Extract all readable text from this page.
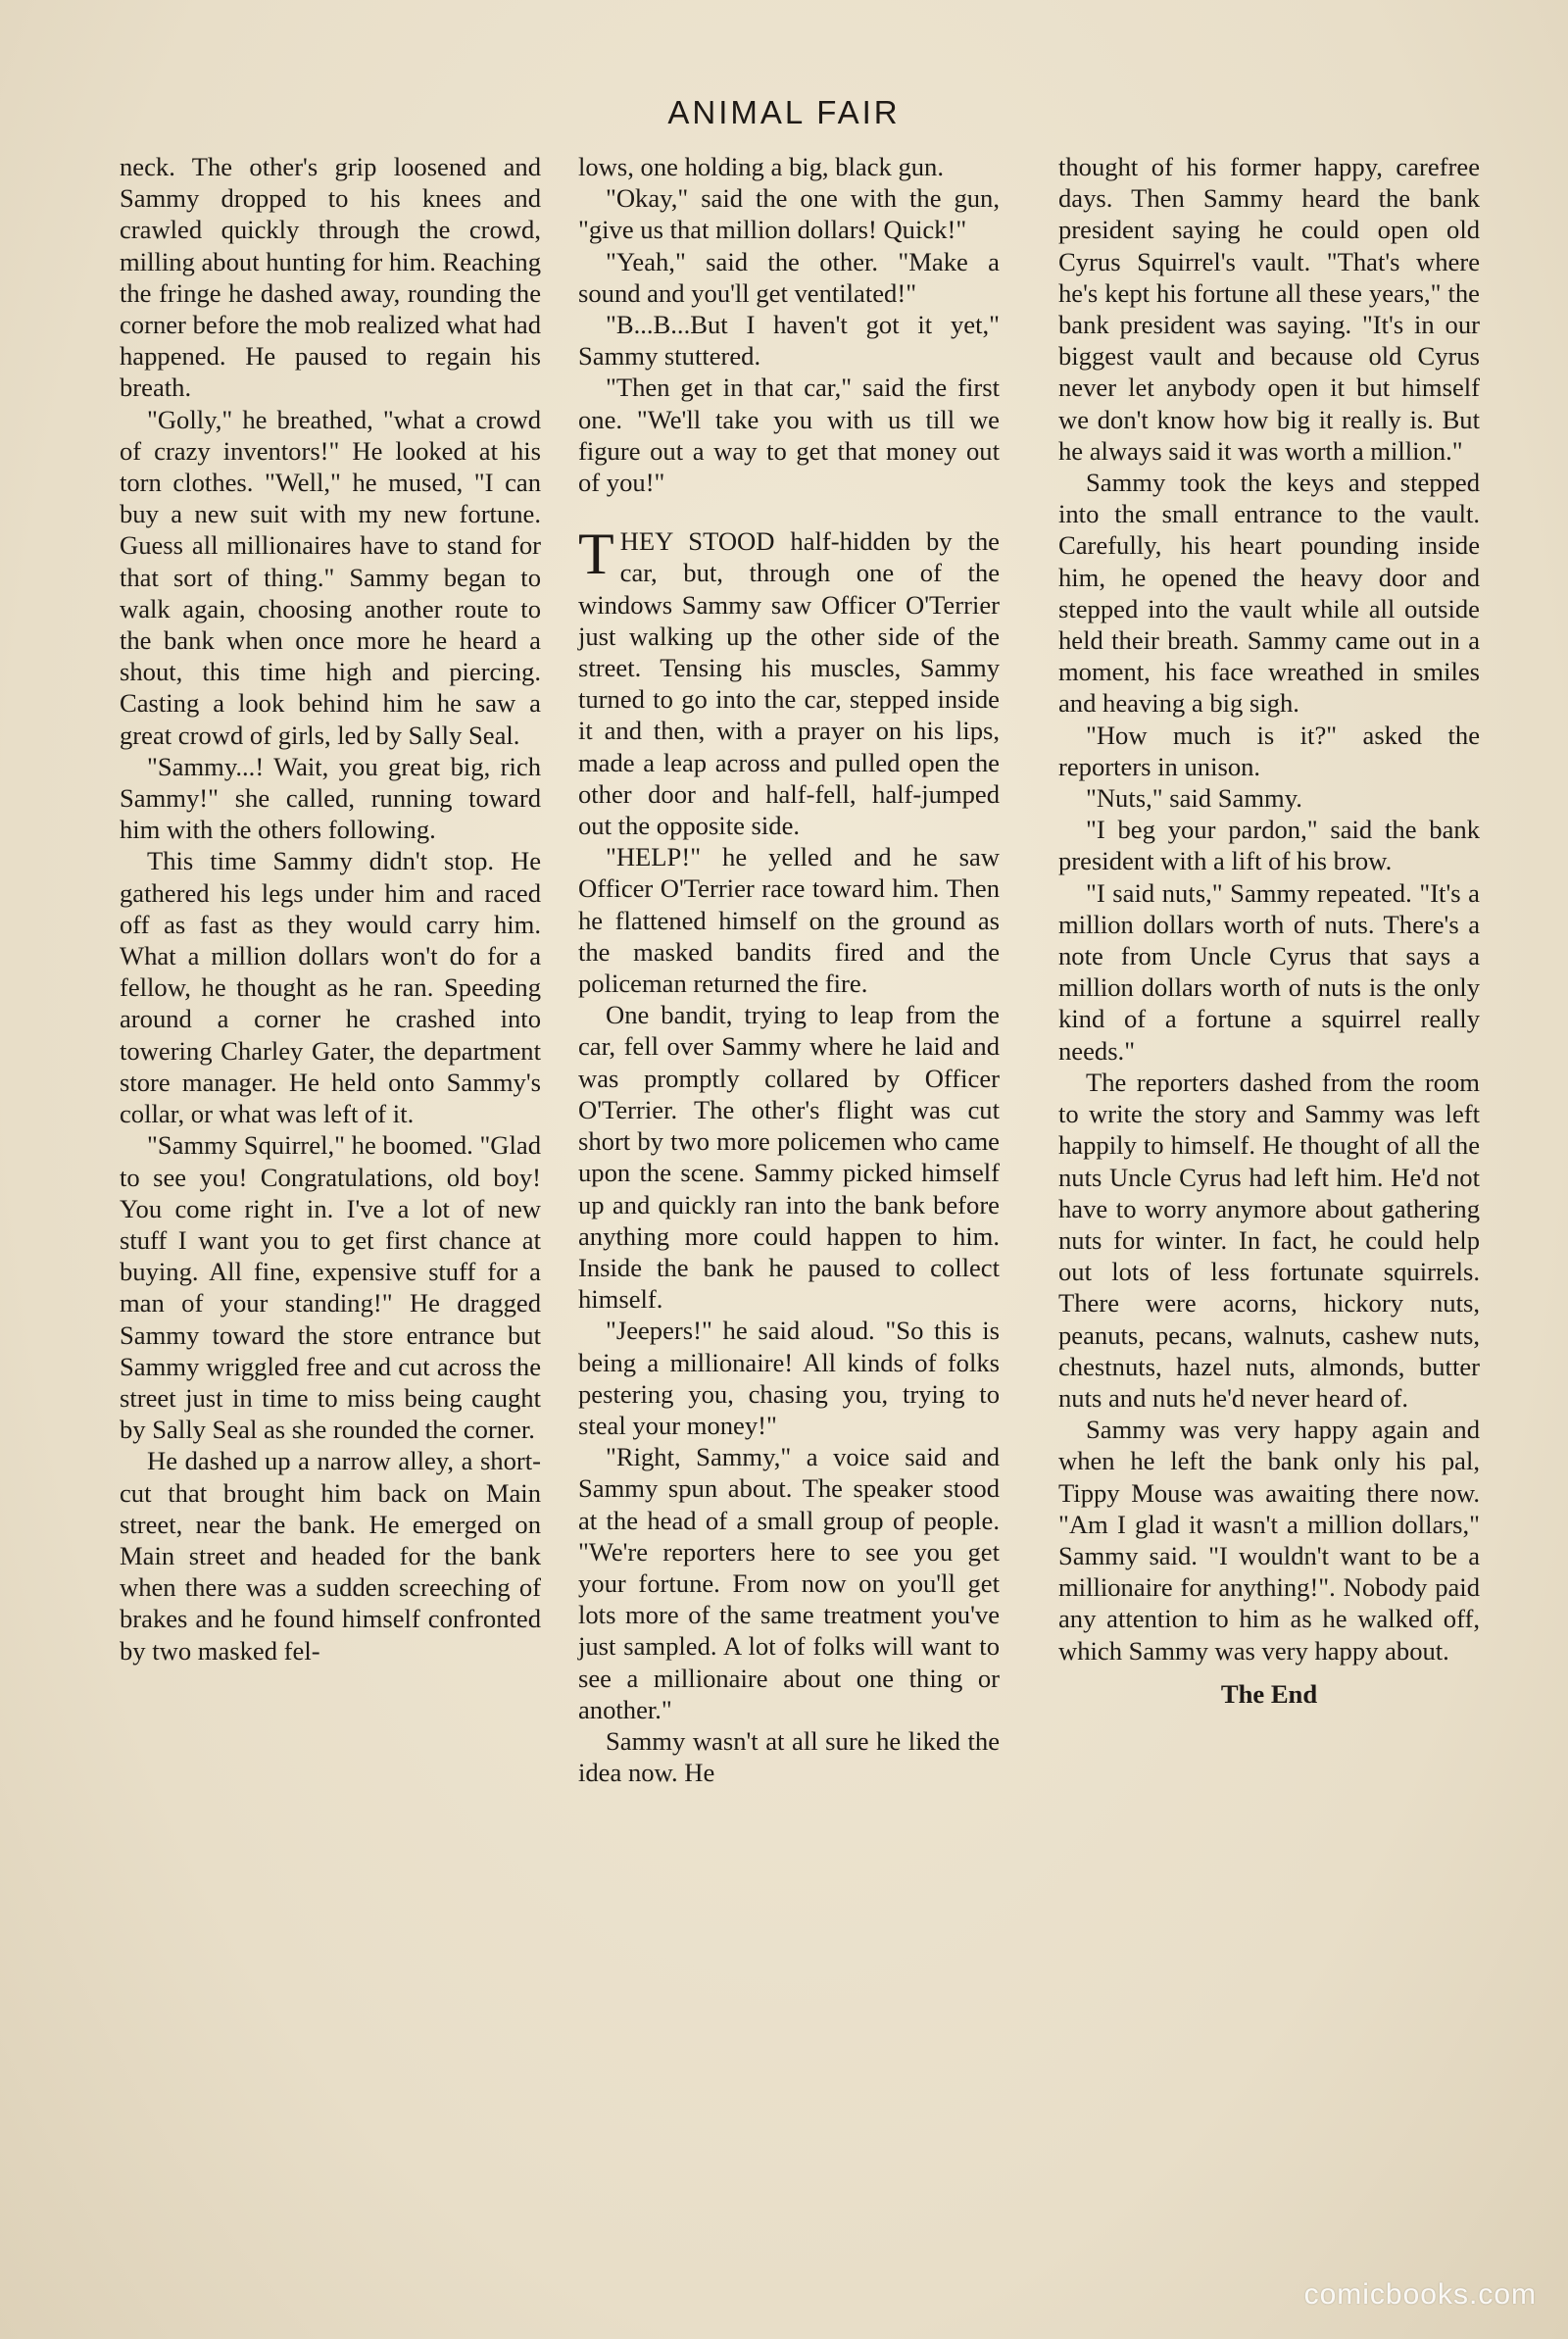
ANIMAL FAIR

neck. The other's grip loosened and Sammy dropped to his knees and crawled quickly through the crowd, milling about hunting for him. Reaching the fringe he dashed away, rounding the corner before the mob realized what had happened. He paused to regain his breath.

"Golly," he breathed, "what a crowd of crazy inventors!" He looked at his torn clothes. "Well," he mused, "I can buy a new suit with my new fortune. Guess all millionaires have to stand for that sort of thing." Sammy began to walk again, choosing another route to the bank when once more he heard a shout, this time high and piercing. Casting a look behind him he saw a great crowd of girls, led by Sally Seal.

"Sammy...! Wait, you great big, rich Sammy!" she called, running toward him with the others following.

This time Sammy didn't stop. He gathered his legs under him and raced off as fast as they would carry him. What a million dollars won't do for a fellow, he thought as he ran. Speeding around a corner he crashed into towering Charley Gater, the department store manager. He held onto Sammy's collar, or what was left of it.

"Sammy Squirrel," he boomed. "Glad to see you! Congratulations, old boy! You come right in. I've a lot of new stuff I want you to get first chance at buying. All fine, expensive stuff for a man of your standing!" He dragged Sammy toward the store entrance but Sammy wriggled free and cut across the street just in time to miss being caught by Sally Seal as she rounded the corner.

He dashed up a narrow alley, a short-cut that brought him back on Main street, near the bank. He emerged on Main street and headed for the bank when there was a sudden screeching of brakes and he found himself confronted by two masked fel-

lows, one holding a big, black gun.

"Okay," said the one with the gun, "give us that million dollars! Quick!"

"Yeah," said the other. "Make a sound and you'll get ventilated!"

"B...B...But I haven't got it yet," Sammy stuttered.

"Then get in that car," said the first one. "We'll take you with us till we figure out a way to get that money out of you!"

THEY STOOD half-hidden by the car, but, through one of the windows Sammy saw Officer O'Terrier just walking up the other side of the street. Tensing his muscles, Sammy turned to go into the car, stepped inside it and then, with a prayer on his lips, made a leap across and pulled open the other door and half-fell, half-jumped out the opposite side.

"HELP!" he yelled and he saw Officer O'Terrier race toward him. Then he flattened himself on the ground as the masked bandits fired and the policeman returned the fire.

One bandit, trying to leap from the car, fell over Sammy where he laid and was promptly collared by Officer O'Terrier. The other's flight was cut short by two more policemen who came upon the scene. Sammy picked himself up and quickly ran into the bank before anything more could happen to him. Inside the bank he paused to collect himself.

"Jeepers!" he said aloud. "So this is being a millionaire! All kinds of folks pestering you, chasing you, trying to steal your money!"

"Right, Sammy," a voice said and Sammy spun about. The speaker stood at the head of a small group of people. "We're reporters here to see you get your fortune. From now on you'll get lots more of the same treatment you've just sampled. A lot of folks will want to see a millionaire about one thing or another."

Sammy wasn't at all sure he liked the idea now. He

thought of his former happy, carefree days. Then Sammy heard the bank president saying he could open old Cyrus Squirrel's vault. "That's where he's kept his fortune all these years," the bank president was saying. "It's in our biggest vault and because old Cyrus never let anybody open it but himself we don't know how big it really is. But he always said it was worth a million."

Sammy took the keys and stepped into the small entrance to the vault. Carefully, his heart pounding inside him, he opened the heavy door and stepped into the vault while all outside held their breath. Sammy came out in a moment, his face wreathed in smiles and heaving a big sigh.

"How much is it?" asked the reporters in unison.

"Nuts," said Sammy.

"I beg your pardon," said the bank president with a lift of his brow.

"I said nuts," Sammy repeated. "It's a million dollars worth of nuts. There's a note from Uncle Cyrus that says a million dollars worth of nuts is the only kind of a fortune a squirrel really needs."

The reporters dashed from the room to write the story and Sammy was left happily to himself. He thought of all the nuts Uncle Cyrus had left him. He'd not have to worry anymore about gathering nuts for winter. In fact, he could help out lots of less fortunate squirrels. There were acorns, hickory nuts, peanuts, pecans, walnuts, cashew nuts, chestnuts, hazel nuts, almonds, butter nuts and nuts he'd never heard of.

Sammy was very happy again and when he left the bank only his pal, Tippy Mouse was awaiting there now. "Am I glad it wasn't a million dollars," Sammy said. "I wouldn't want to be a millionaire for anything!". Nobody paid any attention to him as he walked off, which Sammy was very happy about.

The End

comicbooks.com
